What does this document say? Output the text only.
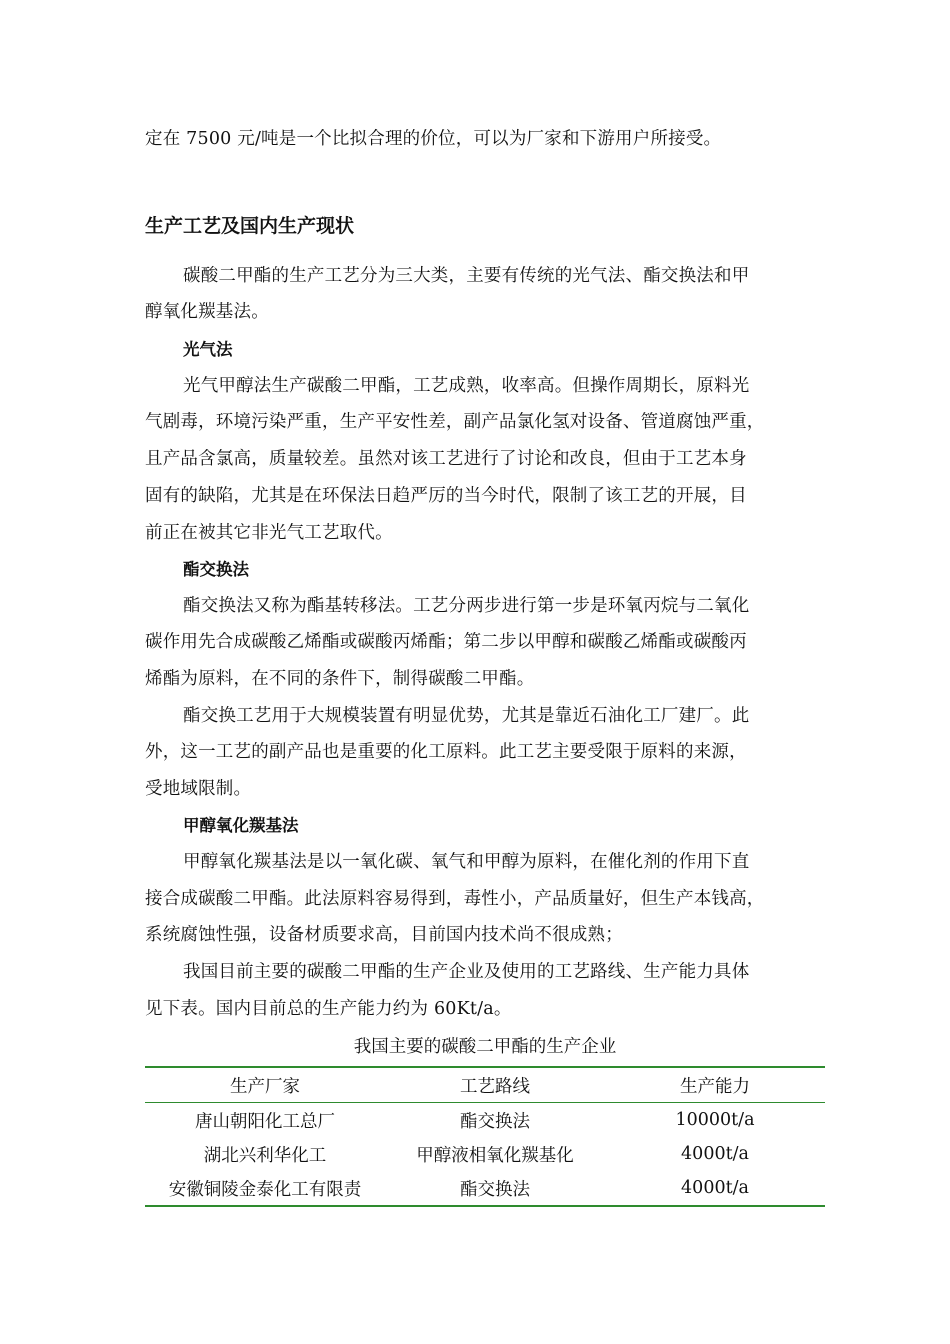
定在 7500 元/吨是一个比拟合理的价位，可以为厂家和下游用户所接受。
生产工艺及国内生产现状
碳酸二甲酯的生产工艺分为三大类，主要有传统的光气法、酯交换法和甲
醇氧化羰基法。
光气法
光气甲醇法生产碳酸二甲酯，工艺成熟，收率高。但操作周期长，原料光
气剧毒，环境污染严重，生产平安性差，副产品氯化氢对设备、管道腐蚀严重，
且产品含氯高，质量较差。虽然对该工艺进行了讨论和改良，但由于工艺本身
固有的缺陷，尤其是在环保法日趋严厉的当今时代，限制了该工艺的开展，目
前正在被其它非光气工艺取代。
酯交换法
酯交换法又称为酯基转移法。工艺分两步进行第一步是环氧丙烷与二氧化
碳作用先合成碳酸乙烯酯或碳酸丙烯酯；第二步以甲醇和碳酸乙烯酯或碳酸丙
烯酯为原料，在不同的条件下，制得碳酸二甲酯。
酯交换工艺用于大规模装置有明显优势，尤其是靠近石油化工厂建厂。此
外，这一工艺的副产品也是重要的化工原料。此工艺主要受限于原料的来源，
受地域限制。
甲醇氧化羰基法
甲醇氧化羰基法是以一氧化碳、氧气和甲醇为原料，在催化剂的作用下直
接合成碳酸二甲酯。此法原料容易得到，毒性小，产品质量好，但生产本钱高，
系统腐蚀性强，设备材质要求高，目前国内技术尚不很成熟；
我国目前主要的碳酸二甲酯的生产企业及使用的工艺路线、生产能力具体
见下表。国内目前总的生产能力约为 60Kt/a。
我国主要的碳酸二甲酯的生产企业
生产厂家	工艺路线	生产能力
唐山朝阳化工总厂	酯交换法	10000t/a
湖北兴利华化工	甲醇液相氧化羰基化	4000t/a
安徽铜陵金泰化工有限责	酯交换法	4000t/a
